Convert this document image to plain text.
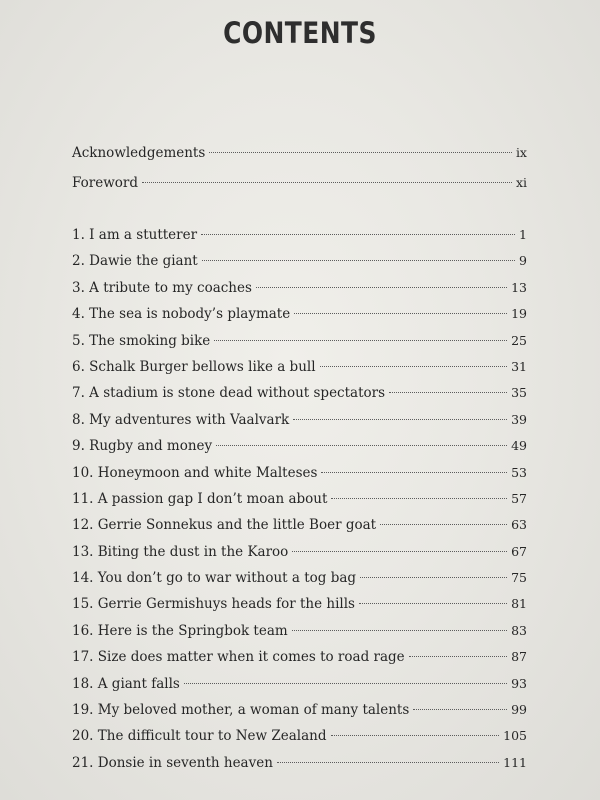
CONTENTS
Acknowledgements	ix
Foreword	xi
1. I am a stutterer	1
2. Dawie the giant	9
3. A tribute to my coaches	13
4. The sea is nobody’s playmate	19
5. The smoking bike	25
6. Schalk Burger bellows like a bull	31
7. A stadium is stone dead without spectators	35
8. My adventures with Vaalvark	39
9. Rugby and money	49
10. Honeymoon and white Malteses	53
11. A passion gap I don’t moan about	57
12. Gerrie Sonnekus and the little Boer goat	63
13. Biting the dust in the Karoo	67
14. You don’t go to war without a tog bag	75
15. Gerrie Germishuys heads for the hills	81
16. Here is the Springbok team	83
17. Size does matter when it comes to road rage	87
18. A giant falls	93
19. My beloved mother, a woman of many talents	99
20. The difficult tour to New Zealand	105
21. Donsie in seventh heaven	111
